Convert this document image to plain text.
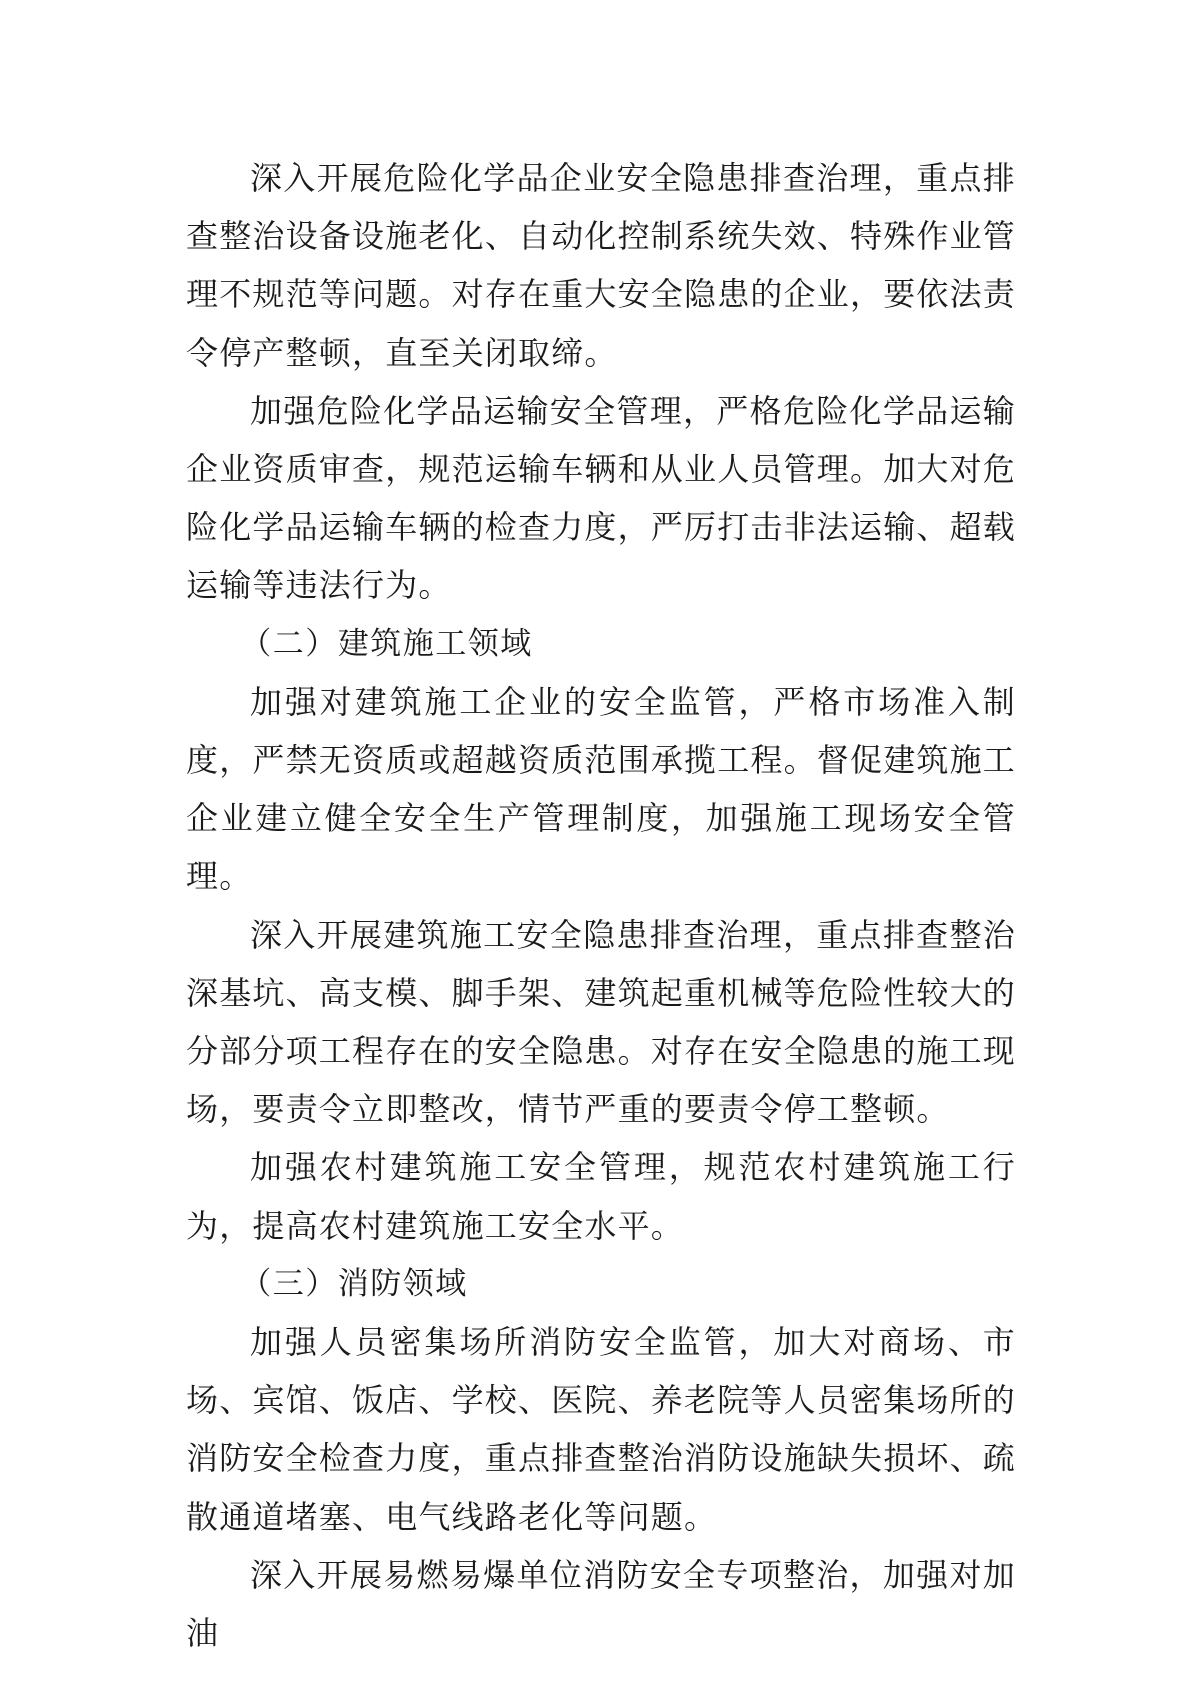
深入开展危险化学品企业安全隐患排查治理，重点排查整治设备设施老化、自动化控制系统失效、特殊作业管理不规范等问题。对存在重大安全隐患的企业，要依法责令停产整顿，直至关闭取缔。

加强危险化学品运输安全管理，严格危险化学品运输企业资质审查，规范运输车辆和从业人员管理。加大对危险化学品运输车辆的检查力度，严厉打击非法运输、超载运输等违法行为。

（二）建筑施工领域

加强对建筑施工企业的安全监管，严格市场准入制度，严禁无资质或超越资质范围承揽工程。督促建筑施工企业建立健全安全生产管理制度，加强施工现场安全管理。

深入开展建筑施工安全隐患排查治理，重点排查整治深基坑、高支模、脚手架、建筑起重机械等危险性较大的分部分项工程存在的安全隐患。对存在安全隐患的施工现场，要责令立即整改，情节严重的要责令停工整顿。

加强农村建筑施工安全管理，规范农村建筑施工行为，提高农村建筑施工安全水平。

（三）消防领域

加强人员密集场所消防安全监管，加大对商场、市场、宾馆、饭店、学校、医院、养老院等人员密集场所的消防安全检查力度，重点排查整治消防设施缺失损坏、疏散通道堵塞、电气线路老化等问题。

深入开展易燃易爆单位消防安全专项整治，加强对加油
